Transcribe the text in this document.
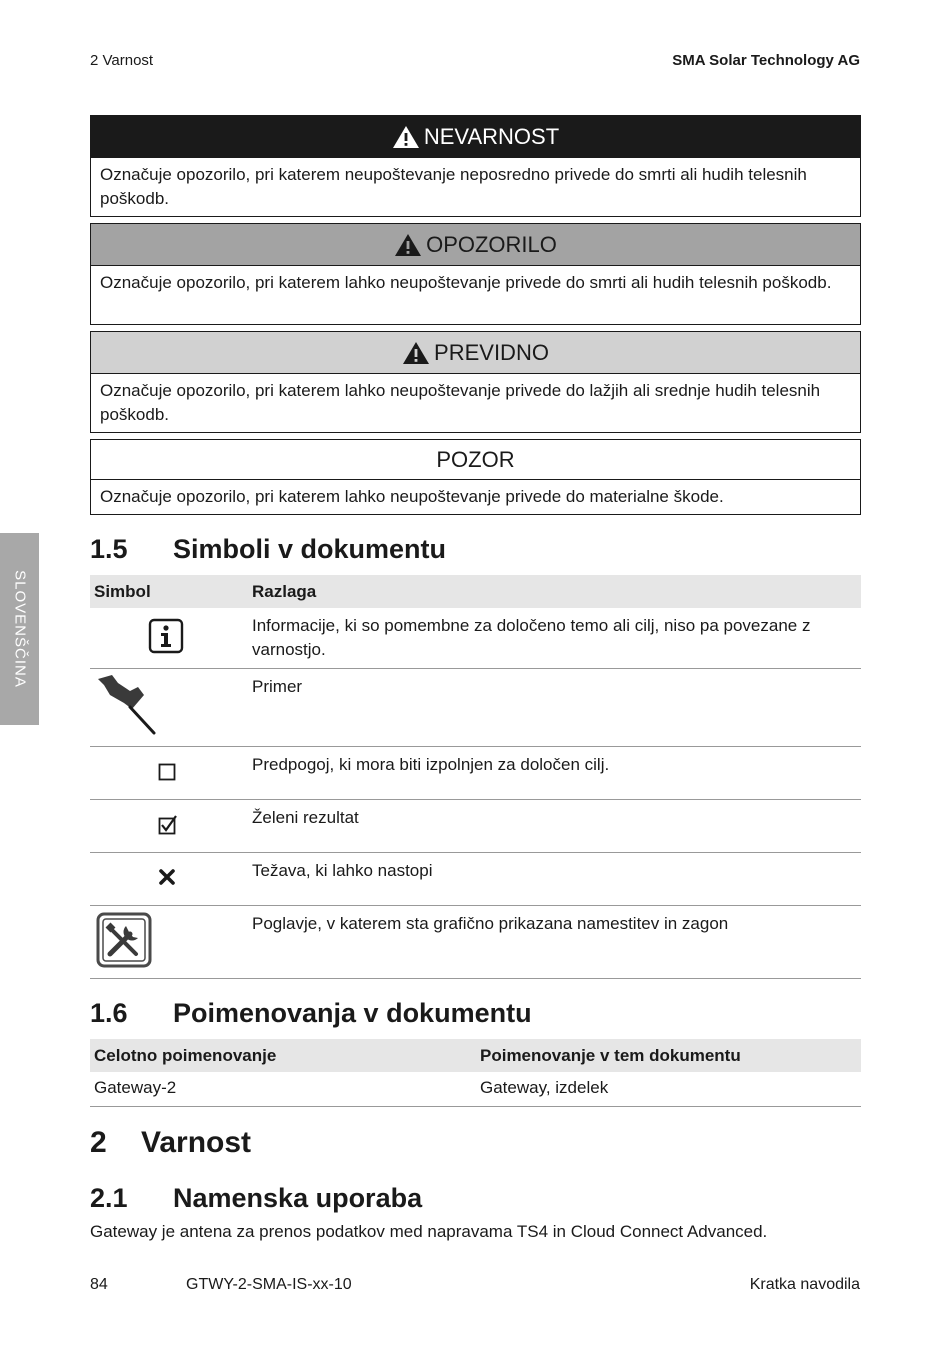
2 Varnost	SMA Solar Technology AG
SLOVENŠČINA
NEVARNOST
Označuje opozorilo, pri katerem neupoštevanje neposredno privede do smrti ali hudih telesnih poškodb.
OPOZORILO
Označuje opozorilo, pri katerem lahko neupoštevanje privede do smrti ali hudih telesnih poškodb.
PREVIDNO
Označuje opozorilo, pri katerem lahko neupoštevanje privede do lažjih ali srednje hudih telesnih poškodb.
POZOR
Označuje opozorilo, pri katerem lahko neupoštevanje privede do materialne škode.
1.5 Simboli v dokumentu
Simbol	Razlaga

	Informacije, ki so pomembne za določeno temo ali cilj, niso pa povezane z varnostjo.

	Primer

	Predpogoj, ki mora biti izpolnjen za določen cilj.

	Želeni rezultat

	Težava, ki lahko nastopi

	Poglavje, v katerem sta grafično prikazana namestitev in zagon
1.6 Poimenovanja v dokumentu
Celotno poimenovanje	Poimenovanje v tem dokumentu
Gateway-2	Gateway, izdelek
2 Varnost
2.1 Namenska uporaba
Gateway je antena za prenos podatkov med napravama TS4 in Cloud Connect Advanced.
84	GTWY-2-SMA-IS-xx-10	Kratka navodila
